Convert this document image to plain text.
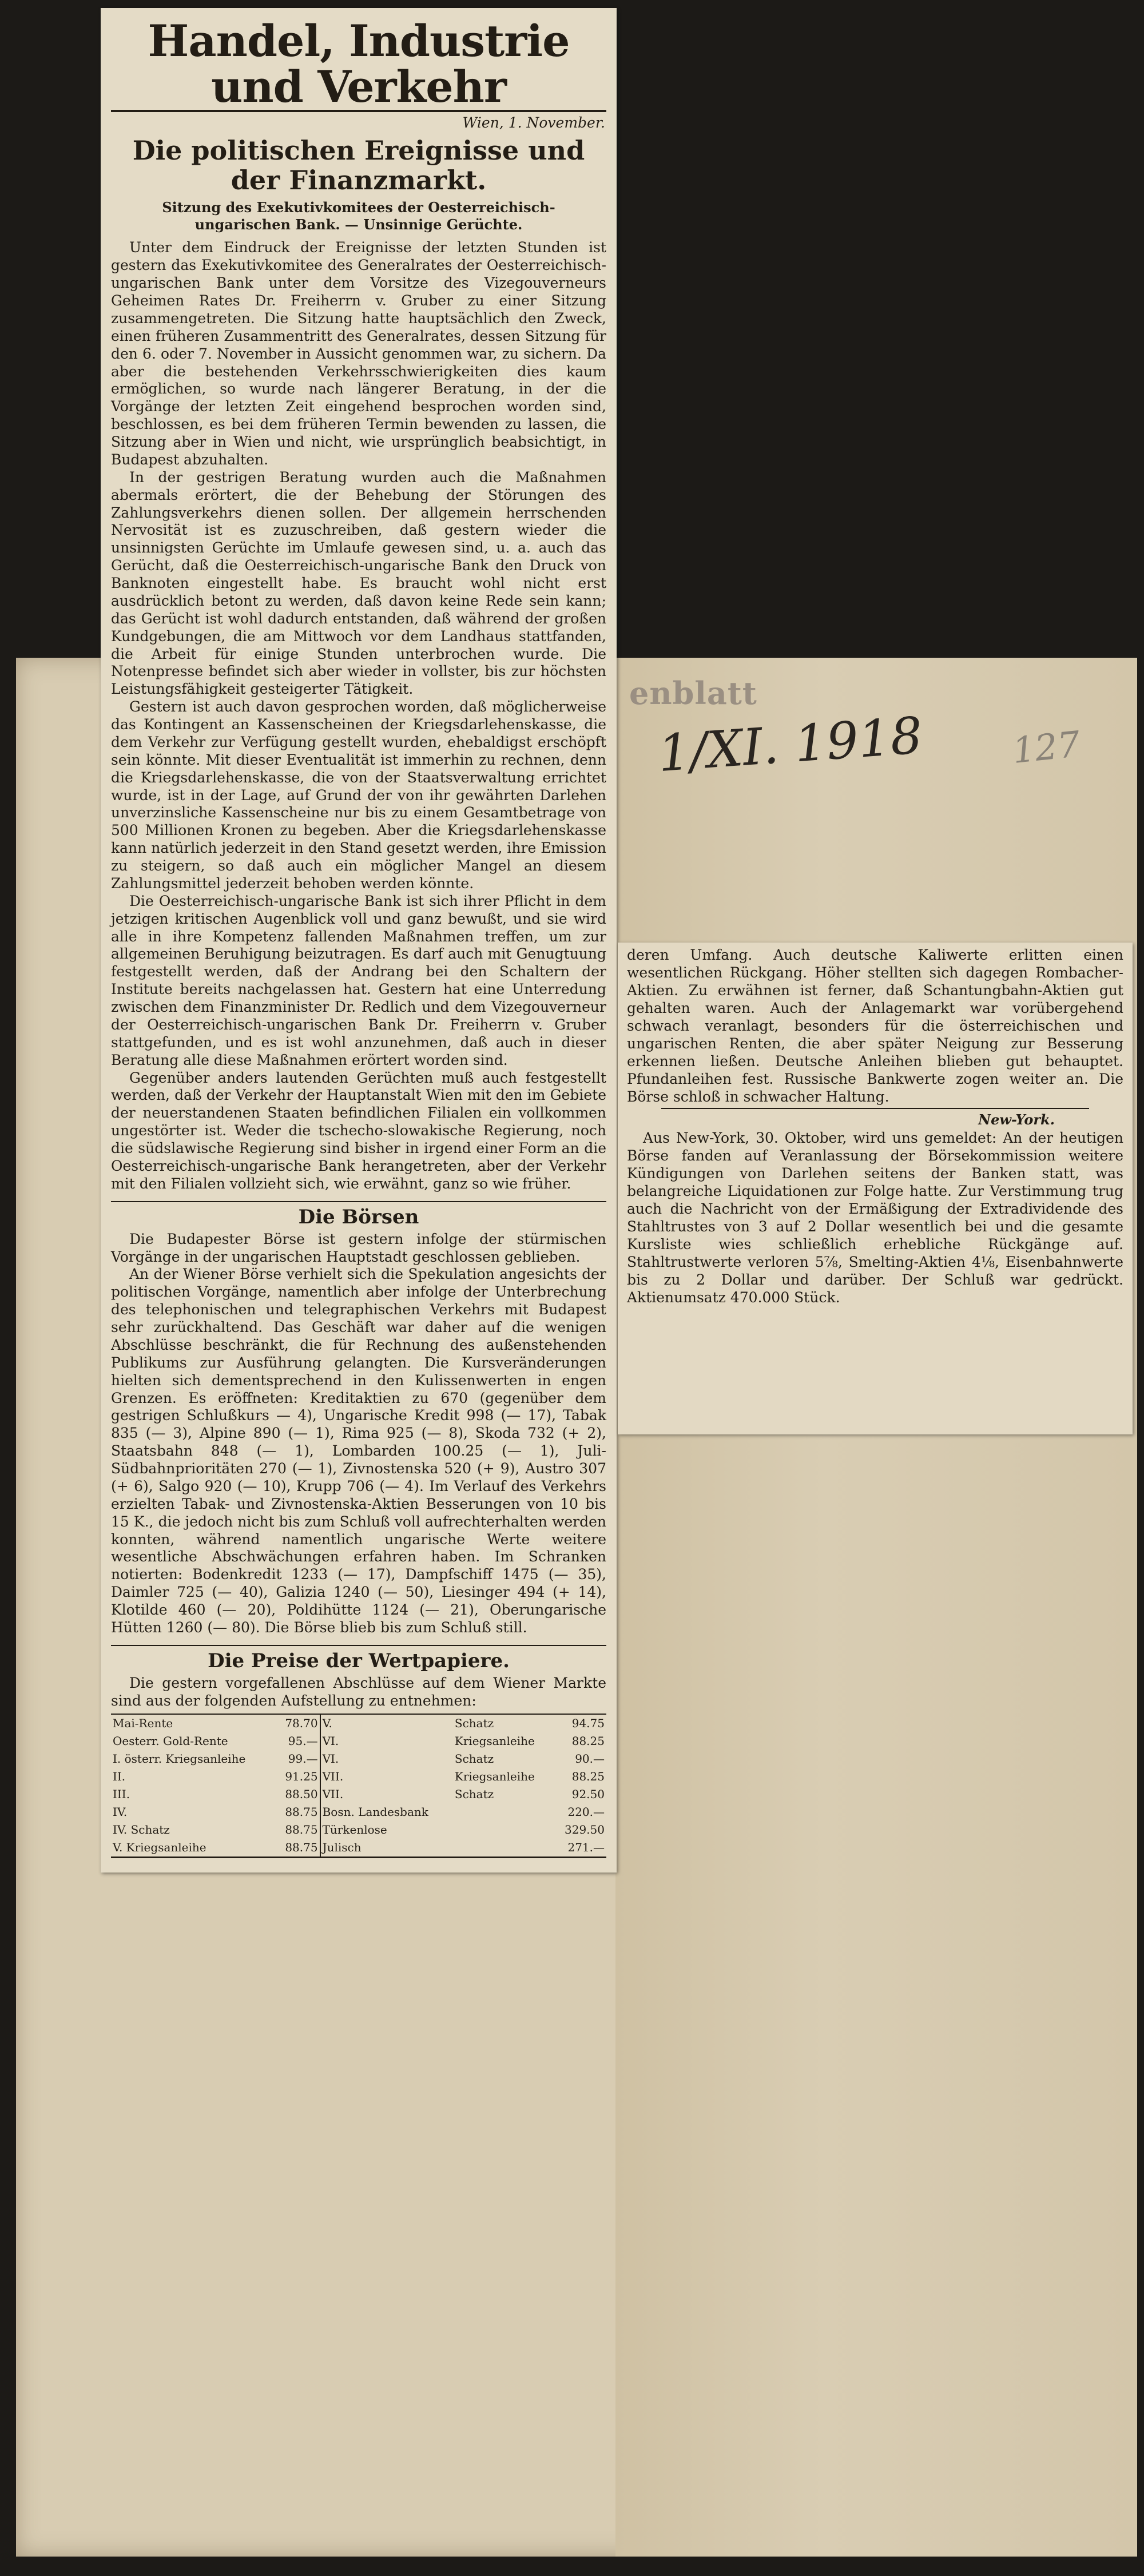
enblatt
1/XI. 1918 127
Handel, Industrie und Verkehr
Wien, 1. November.
Die politischen Ereignisse und der Finanzmarkt.
Sitzung des Exekutivkomitees der Oesterreichisch-ungarischen Bank. — Unsinnige Gerüchte.

Unter dem Eindruck der Ereignisse der letzten Stunden ist gestern das Exekutivkomitee des Generalrates der Oesterreichisch-ungarischen Bank unter dem Vorsitze des Vizegouverneurs Geheimen Rates Dr. Freiherrn v. Gruber zu einer Sitzung zusammengetreten. Die Sitzung hatte hauptsächlich den Zweck, einen früheren Zusammentritt des Generalrates, dessen Sitzung für den 6. oder 7. November in Aussicht genommen war, zu sichern. Da aber die bestehenden Verkehrsschwierigkeiten dies kaum ermöglichen, so wurde nach längerer Beratung, in der die Vorgänge der letzten Zeit eingehend besprochen worden sind, beschlossen, es bei dem früheren Termin bewenden zu lassen, die Sitzung aber in Wien und nicht, wie ursprünglich beabsichtigt, in Budapest abzuhalten.

In der gestrigen Beratung wurden auch die Maßnahmen abermals erörtert, die der Behebung der Störungen des Zahlungsverkehrs dienen sollen. Der allgemein herrschenden Nervosität ist es zuzuschreiben, daß gestern wieder die unsinnigsten Gerüchte im Umlaufe gewesen sind, u. a. auch das Gerücht, daß die Oesterreichisch-ungarische Bank den Druck von Banknoten eingestellt habe. Es braucht wohl nicht erst ausdrücklich betont zu werden, daß davon keine Rede sein kann; das Gerücht ist wohl dadurch entstanden, daß während der großen Kundgebungen, die am Mittwoch vor dem Landhaus stattfanden, die Arbeit für einige Stunden unterbrochen wurde. Die Notenpresse befindet sich aber wieder in vollster, bis zur höchsten Leistungsfähigkeit gesteigerter Tätigkeit.

Gestern ist auch davon gesprochen worden, daß möglicherweise das Kontingent an Kassenscheinen der Kriegsdarlehenskasse, die dem Verkehr zur Verfügung gestellt wurden, ehebaldigst erschöpft sein könnte. Mit dieser Eventualität ist immerhin zu rechnen, denn die Kriegsdarlehenskasse, die von der Staatsverwaltung errichtet wurde, ist in der Lage, auf Grund der von ihr gewährten Darlehen unverzinsliche Kassenscheine nur bis zu einem Gesamtbetrage von 500 Millionen Kronen zu begeben. Aber die Kriegsdarlehenskasse kann natürlich jederzeit in den Stand gesetzt werden, ihre Emission zu steigern, so daß auch ein möglicher Mangel an diesem Zahlungsmittel jederzeit behoben werden könnte.

Die Oesterreichisch-ungarische Bank ist sich ihrer Pflicht in dem jetzigen kritischen Augenblick voll und ganz bewußt, und sie wird alle in ihre Kompetenz fallenden Maßnahmen treffen, um zur allgemeinen Beruhigung beizutragen. Es darf auch mit Genugtuung festgestellt werden, daß der Andrang bei den Schaltern der Institute bereits nachgelassen hat. Gestern hat eine Unterredung zwischen dem Finanzminister Dr. Redlich und dem Vizegouverneur der Oesterreichisch-ungarischen Bank Dr. Freiherrn v. Gruber stattgefunden, und es ist wohl anzunehmen, daß auch in dieser Beratung alle diese Maßnahmen erörtert worden sind.

Gegenüber anders lautenden Gerüchten muß auch festgestellt werden, daß der Verkehr der Hauptanstalt Wien mit den im Gebiete der neuerstandenen Staaten befindlichen Filialen ein vollkommen ungestörter ist. Weder die tschecho-slowakische Regierung, noch die südslawische Regierung sind bisher in irgend einer Form an die Oesterreichisch-ungarische Bank herangetreten, aber der Verkehr mit den Filialen vollzieht sich, wie erwähnt, ganz so wie früher.

Die Börsen

Die Budapester Börse ist gestern infolge der stürmischen Vorgänge in der ungarischen Hauptstadt geschlossen geblieben.

An der Wiener Börse verhielt sich die Spekulation angesichts der politischen Vorgänge, namentlich aber infolge der Unterbrechung des telephonischen und telegraphischen Verkehrs mit Budapest sehr zurückhaltend. Das Geschäft war daher auf die wenigen Abschlüsse beschränkt, die für Rechnung des außenstehenden Publikums zur Ausführung gelangten. Die Kursveränderungen hielten sich dementsprechend in den Kulissenwerten in engen Grenzen. Es eröffneten: Kreditaktien zu 670 (gegenüber dem gestrigen Schlußkurs — 4), Ungarische Kredit 998 (— 17), Tabak 835 (— 3), Alpine 890 (— 1), Rima 925 (— 8), Skoda 732 (+ 2), Staatsbahn 848 (— 1), Lombarden 100.25 (— 1), Juli-Südbahnprioritäten 270 (— 1), Zivnostenska 520 (+ 9), Austro 307 (+ 6), Salgo 920 (— 10), Krupp 706 (— 4). Im Verlauf des Verkehrs erzielten Tabak- und Zivnostenska-Aktien Besserungen von 10 bis 15 K., die jedoch nicht bis zum Schluß voll aufrechterhalten werden konnten, während namentlich ungarische Werte weitere wesentliche Abschwächungen erfahren haben. Im Schranken notierten: Bodenkredit 1233 (— 17), Dampfschiff 1475 (— 35), Daimler 725 (— 40), Galizia 1240 (— 50), Liesinger 494 (+ 14), Klotilde 460 (— 20), Poldihütte 1124 (— 21), Oberungarische Hütten 1260 (— 80). Die Börse blieb bis zum Schluß still.

Die Preise der Wertpapiere.

Die gestern vorgefallenen Abschlüsse auf dem Wiener Markte sind aus der folgenden Aufstellung zu entnehmen:

Mai-Rente	78.70	V.	Schatz	94.75
Oesterr. Gold-Rente	95.—	VI.	Kriegsanleihe	88.25
I. österr. Kriegsanleihe	99.—	VI.	Schatz	90.—
II.	91.25	VII.	Kriegsanleihe	88.25
III.	88.50	VII.	Schatz	92.50
IV.	88.75	Bosn. Landesbank		220.—
IV. Schatz	88.75	Türkenlose		329.50
V. Kriegsanleihe	88.75	Julisch		271.—

deren Umfang. Auch deutsche Kaliwerte erlitten einen wesentlichen Rückgang. Höher stellten sich dagegen Rombacher-Aktien. Zu erwähnen ist ferner, daß Schantungbahn-Aktien gut gehalten waren. Auch der Anlagemarkt war vorübergehend schwach veranlagt, besonders für die österreichischen und ungarischen Renten, die aber später Neigung zur Besserung erkennen ließen. Deutsche Anleihen blieben gut behauptet. Pfundanleihen fest. Russische Bankwerte zogen weiter an. Die Börse schloß in schwacher Haltung.

New-York.

Aus New-York, 30. Oktober, wird uns gemeldet: An der heutigen Börse fanden auf Veranlassung der Börsekommission weitere Kündigungen von Darlehen seitens der Banken statt, was belangreiche Liquidationen zur Folge hatte. Zur Verstimmung trug auch die Nachricht von der Ermäßigung der Extradividende des Stahltrustes von 3 auf 2 Dollar wesentlich bei und die gesamte Kursliste wies schließlich erhebliche Rückgänge auf. Stahltrustwerte verloren 5⅞, Smelting-Aktien 4⅛, Eisenbahnwerte bis zu 2 Dollar und darüber. Der Schluß war gedrückt. Aktienumsatz 470.000 Stück.
